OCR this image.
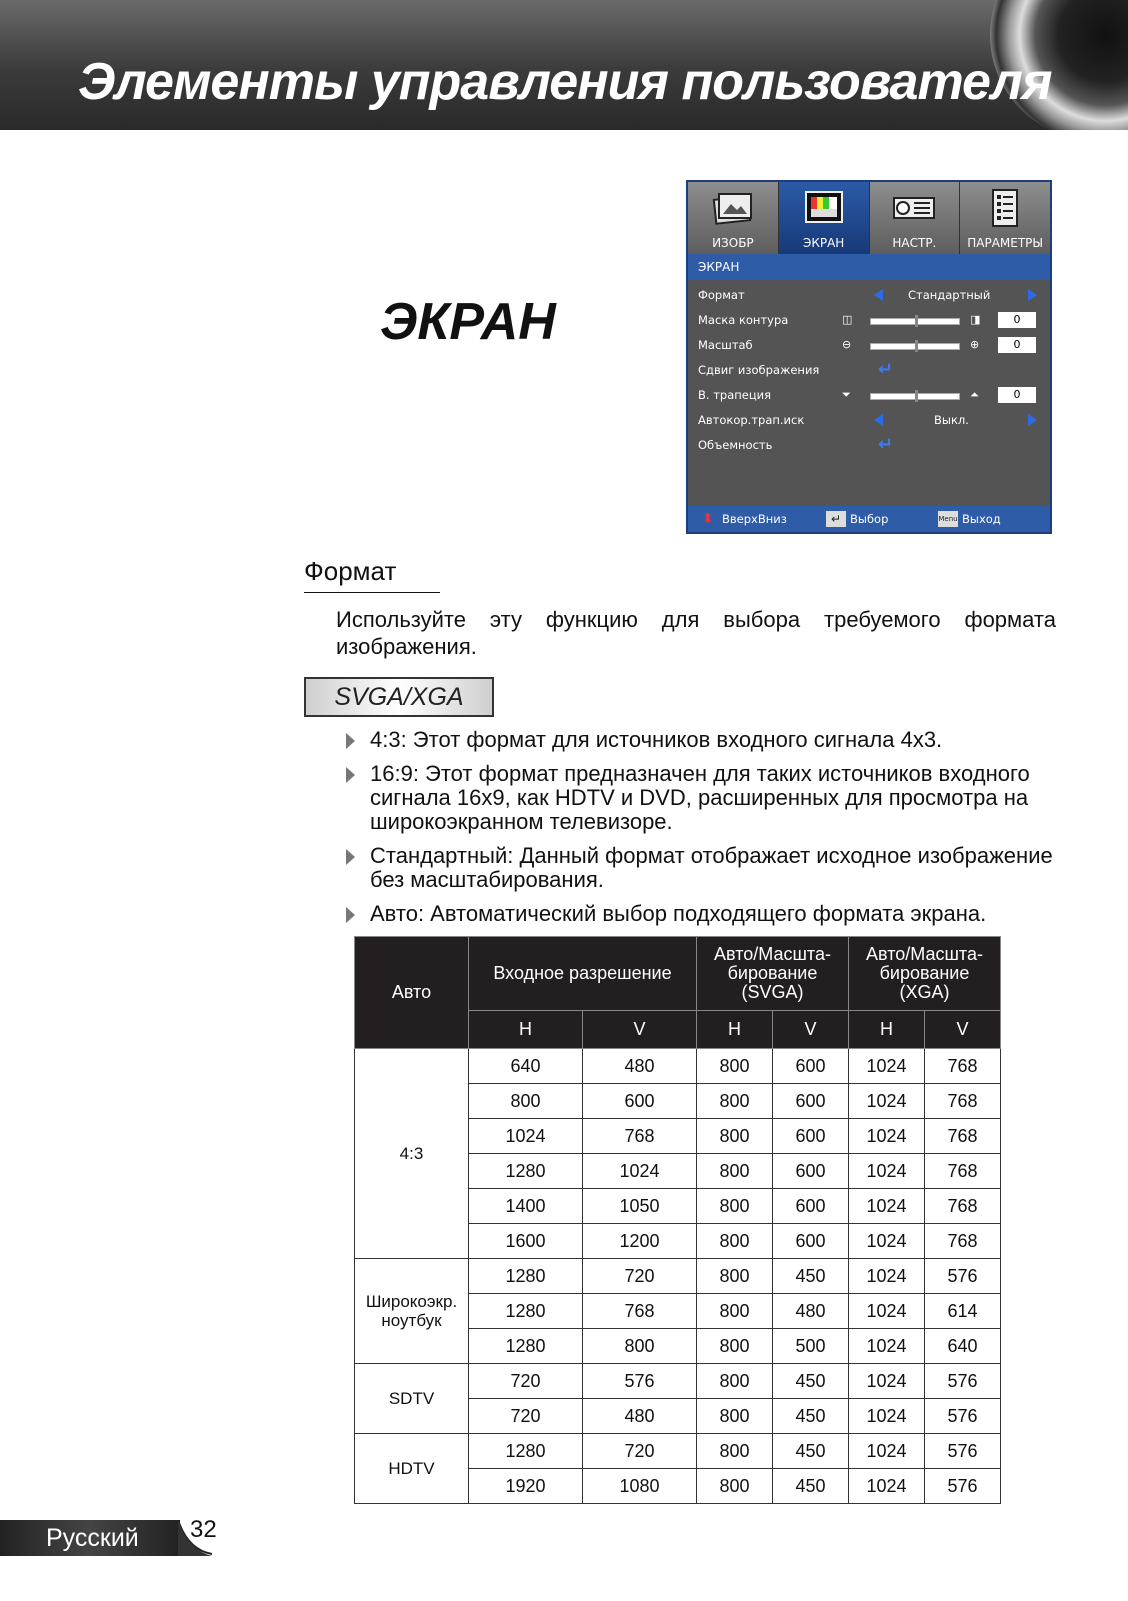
Элементы управления пользователя
ЭКРАН
ИЗОБР	ЭКРАН	НАСТР.	ПАРАМЕТРЫ
ЭКРАН
Формат	Стандартный
Маска контура	◫	◨	0
Масштаб	⊖	⊕	0
Сдвиг изображения	↵
В. трапеция	⏷	⏶	0
Автокор.трап.иск	Выкл.
Объемность	↵
⬍ ВверхВниз	↵ Выбор	Menu Выход
Формат
Используйте эту функцию для выбора требуемого формата изображения.
SVGA/XGA
4:3: Этот формат для источников входного сигнала 4x3.
16:9: Этот формат предназначен для таких источников входного сигнала 16x9, как HDTV и DVD, расширенных для просмотра на широкоэкранном телевизоре.
Стандартный: Данный формат отображает исходное изображение без масштабирования.
Авто: Автоматический выбор подходящего формата экрана.
Авто	Входное разрешение		Авто/Масшта-бирование (SVGA)		Авто/Масшта-бирование (XGA)	
	H	V	H	V	H	V
4:3	640	480	800	600	1024	768
	800	600	800	600	1024	768
	1024	768	800	600	1024	768
	1280	1024	800	600	1024	768
	1400	1050	800	600	1024	768
	1600	1200	800	600	1024	768
Широкоэкр. ноутбук	1280	720	800	450	1024	576
	1280	768	800	480	1024	614
	1280	800	800	500	1024	640
SDTV	720	576	800	450	1024	576
	720	480	800	450	1024	576
HDTV	1280	720	800	450	1024	576
	1920	1080	800	450	1024	576
Русский 32
